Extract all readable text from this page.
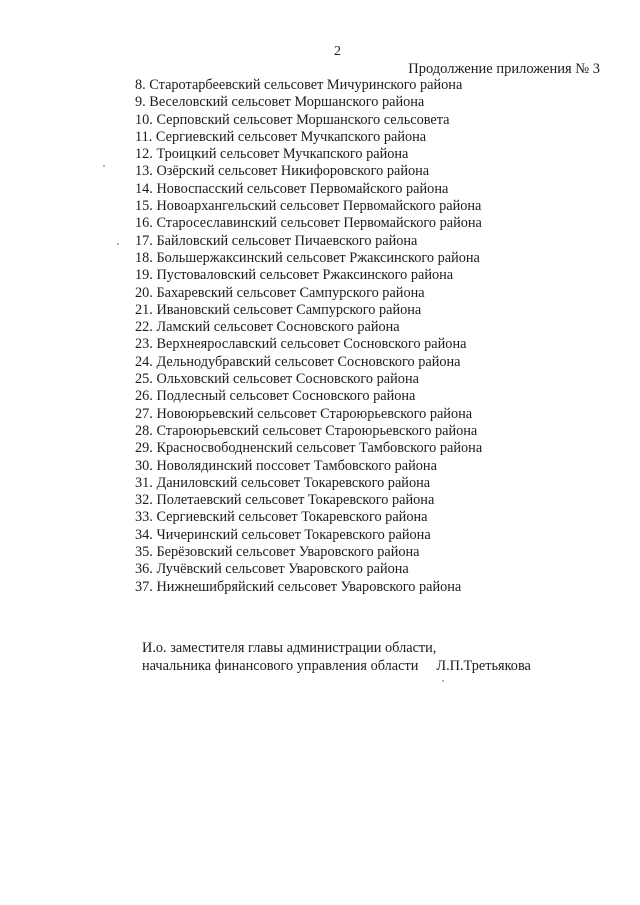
2
Продолжение приложения № 3
8. Старотарбеевский сельсовет Мичуринского района
9. Веселовский сельсовет Моршанского района
10. Серповский сельсовет Моршанского сельсовета
11. Сергиевский сельсовет Мучкапского района
12. Троицкий сельсовет Мучкапского района
13. Озёрский сельсовет Никифоровского района
14. Новоспасский сельсовет Первомайского района
15. Новоархангельский сельсовет Первомайского района
16. Старосеславинский сельсовет Первомайского района
17. Байловский сельсовет Пичаевского района
18. Большержаксинский сельсовет Ржаксинского района
19. Пустоваловский сельсовет Ржаксинского района
20. Бахаревский сельсовет Сампурского района
21. Ивановский сельсовет Сампурского района
22. Ламский сельсовет Сосновского района
23. Верхнеярославский сельсовет Сосновского района
24. Дельнодубравский сельсовет Сосновского района
25. Ольховский сельсовет Сосновского района
26. Подлесный сельсовет Сосновского района
27. Новоюрьевский сельсовет Староюрьевского района
28. Староюрьевский сельсовет Староюрьевского района
29. Красносвободненский сельсовет Тамбовского района
30. Новолядинский поссовет Тамбовского района
31. Даниловский сельсовет Токаревского района
32. Полетаевский сельсовет Токаревского района
33. Сергиевский сельсовет Токаревского района
34. Чичеринский сельсовет Токаревского района
35. Берёзовский сельсовет Уваровского района
36. Лучёвский сельсовет Уваровского района
37. Нижнешибряйский сельсовет Уваровского района
И.о. заместителя главы администрации области,
начальника финансового управления области Л.П.Третьякова
